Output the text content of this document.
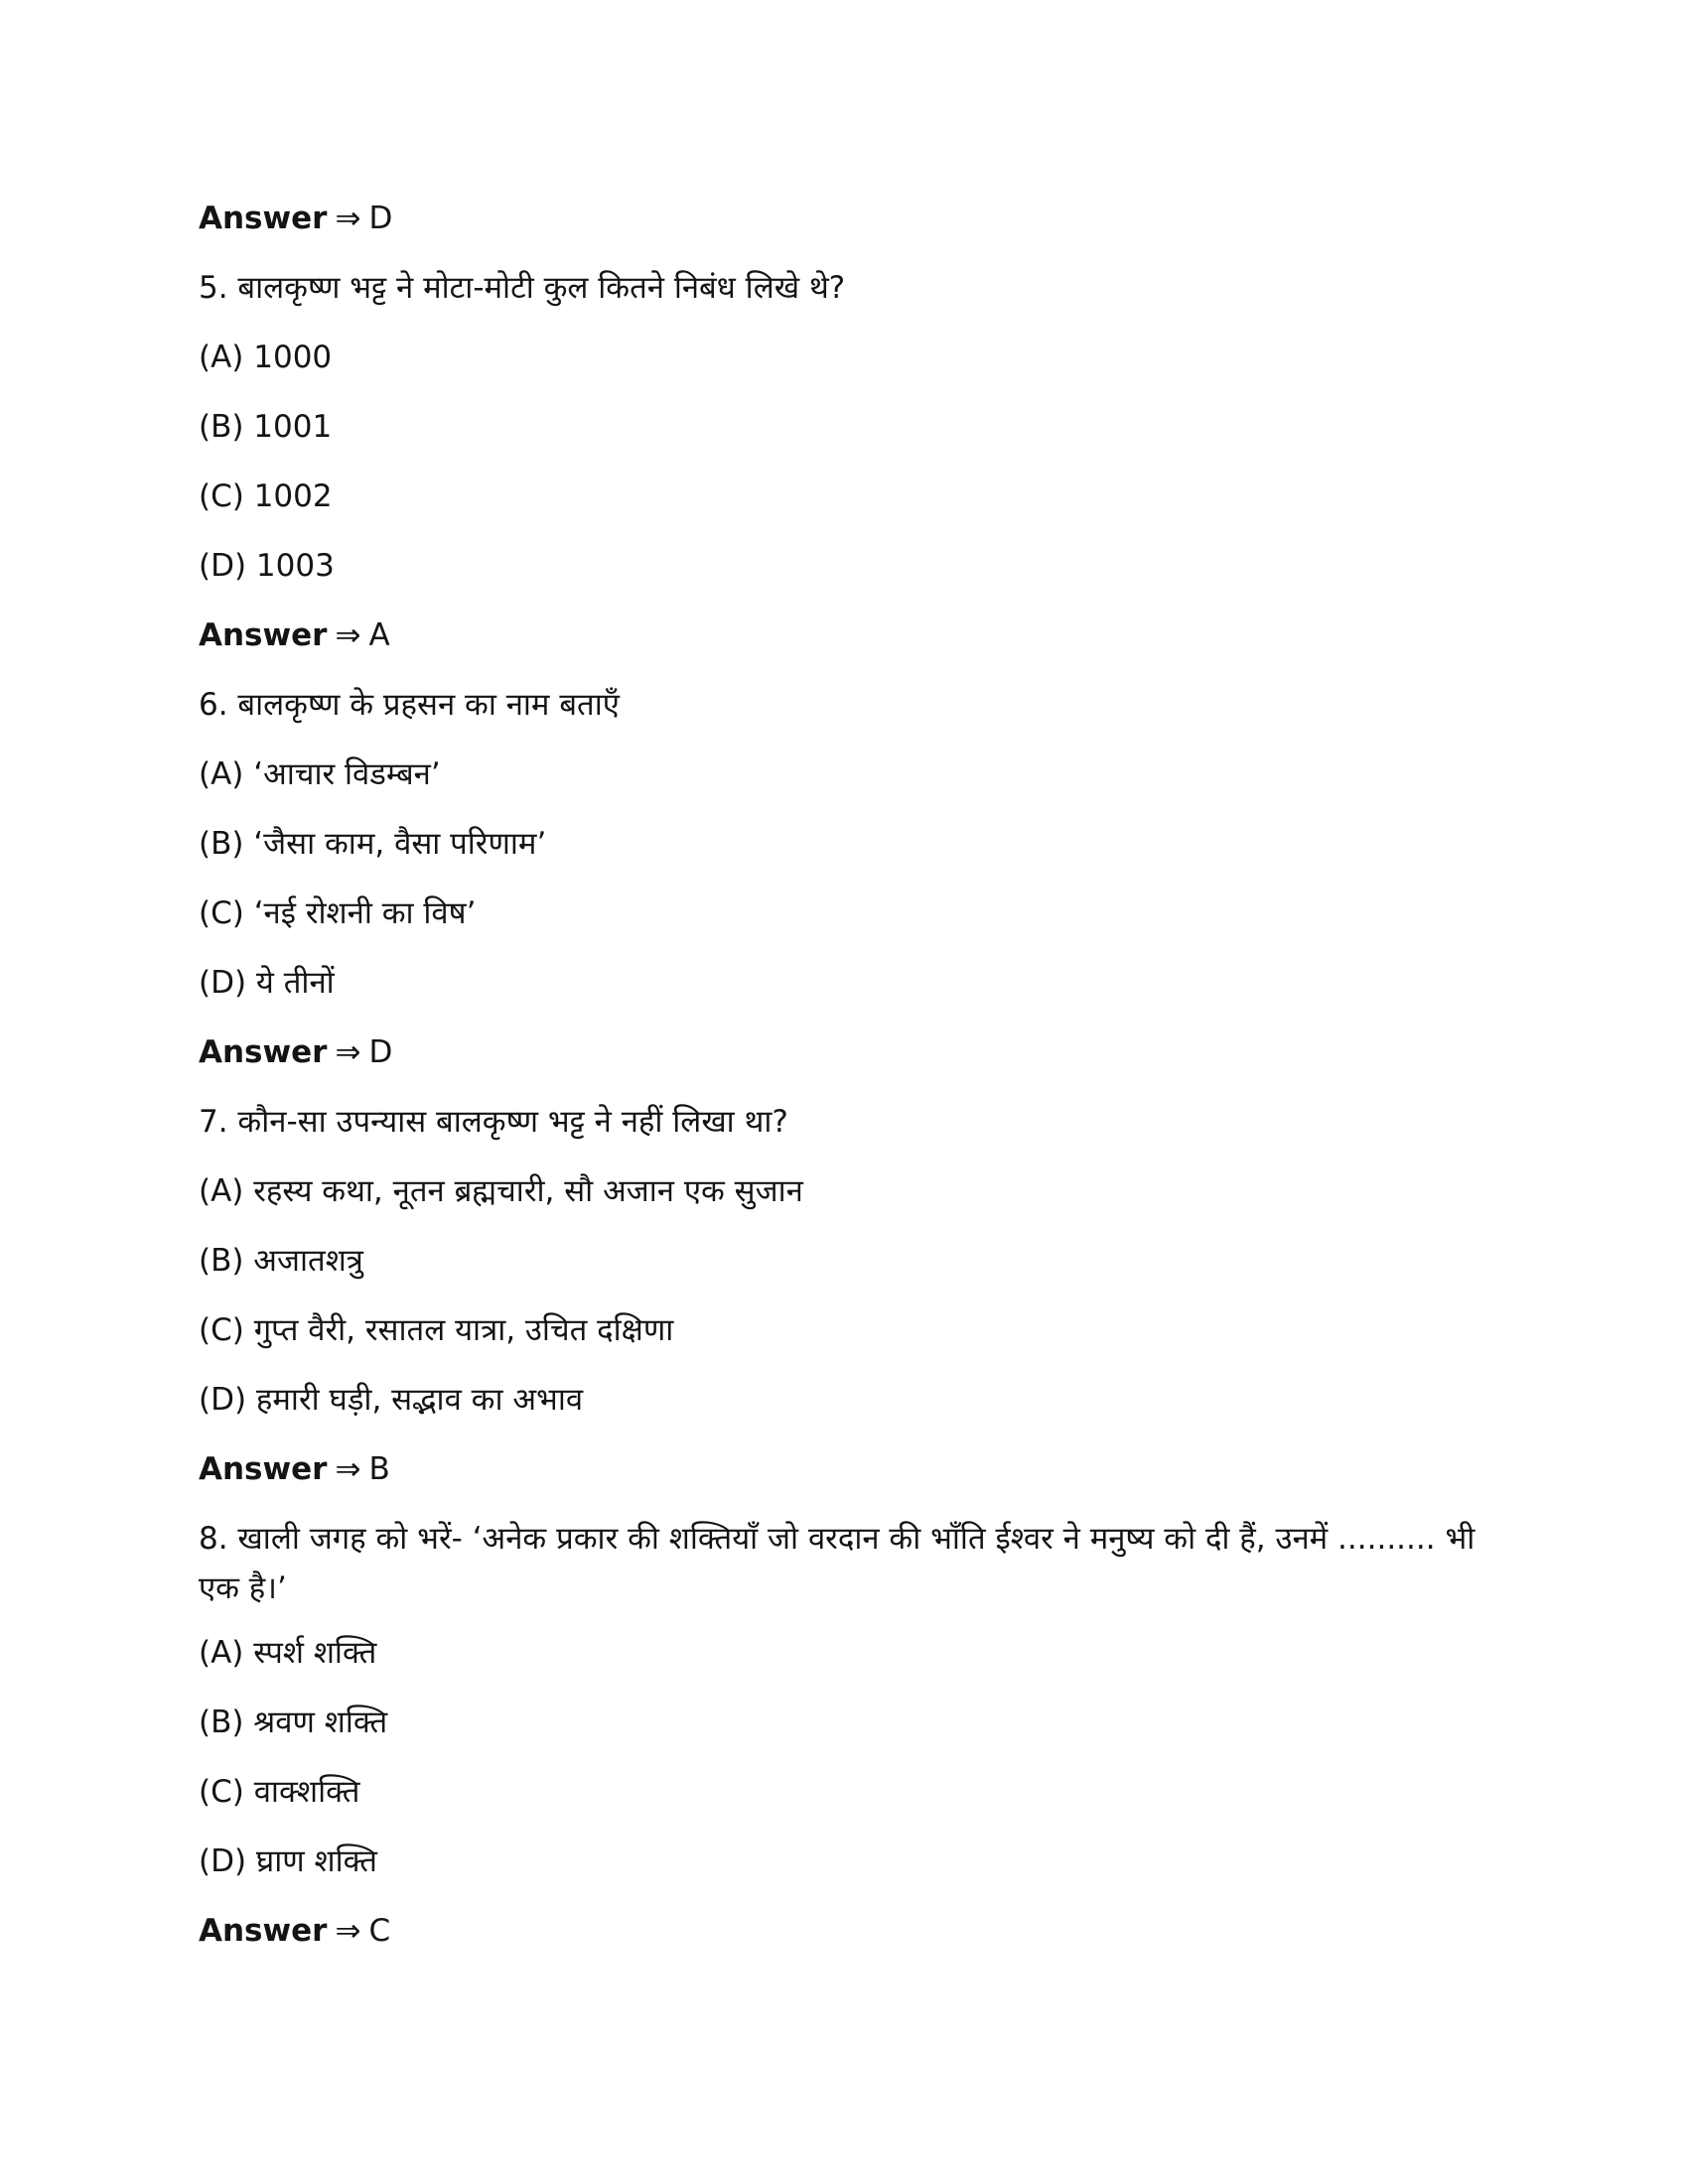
Answer ⇒ D
5. बालकृष्ण भट्ट ने मोटा-मोटी कुल कितने निबंध लिखे थे?
(A) 1000
(B) 1001
(C) 1002
(D) 1003
Answer ⇒ A
6. बालकृष्ण के प्रहसन का नाम बताएँ
(A) ‘आचार विडम्बन’
(B) ‘जैसा काम, वैसा परिणाम’
(C) ‘नई रोशनी का विष’
(D) ये तीनों
Answer ⇒ D
7. कौन-सा उपन्यास बालकृष्ण भट्ट ने नहीं लिखा था?
(A) रहस्य कथा, नूतन ब्रह्मचारी, सौ अजान एक सुजान
(B) अजातशत्रु
(C) गुप्त वैरी, रसातल यात्रा, उचित दक्षिणा
(D) हमारी घड़ी, सद्भाव का अभाव
Answer ⇒ B
8. खाली जगह को भरें- ‘अनेक प्रकार की शक्तियाँ जो वरदान की भाँति ईश्वर ने मनुष्य को दी हैं, उनमें .......... भी एक है।’
(A) स्पर्श शक्ति
(B) श्रवण शक्ति
(C) वाक्शक्ति
(D) घ्राण शक्ति
Answer ⇒ C
